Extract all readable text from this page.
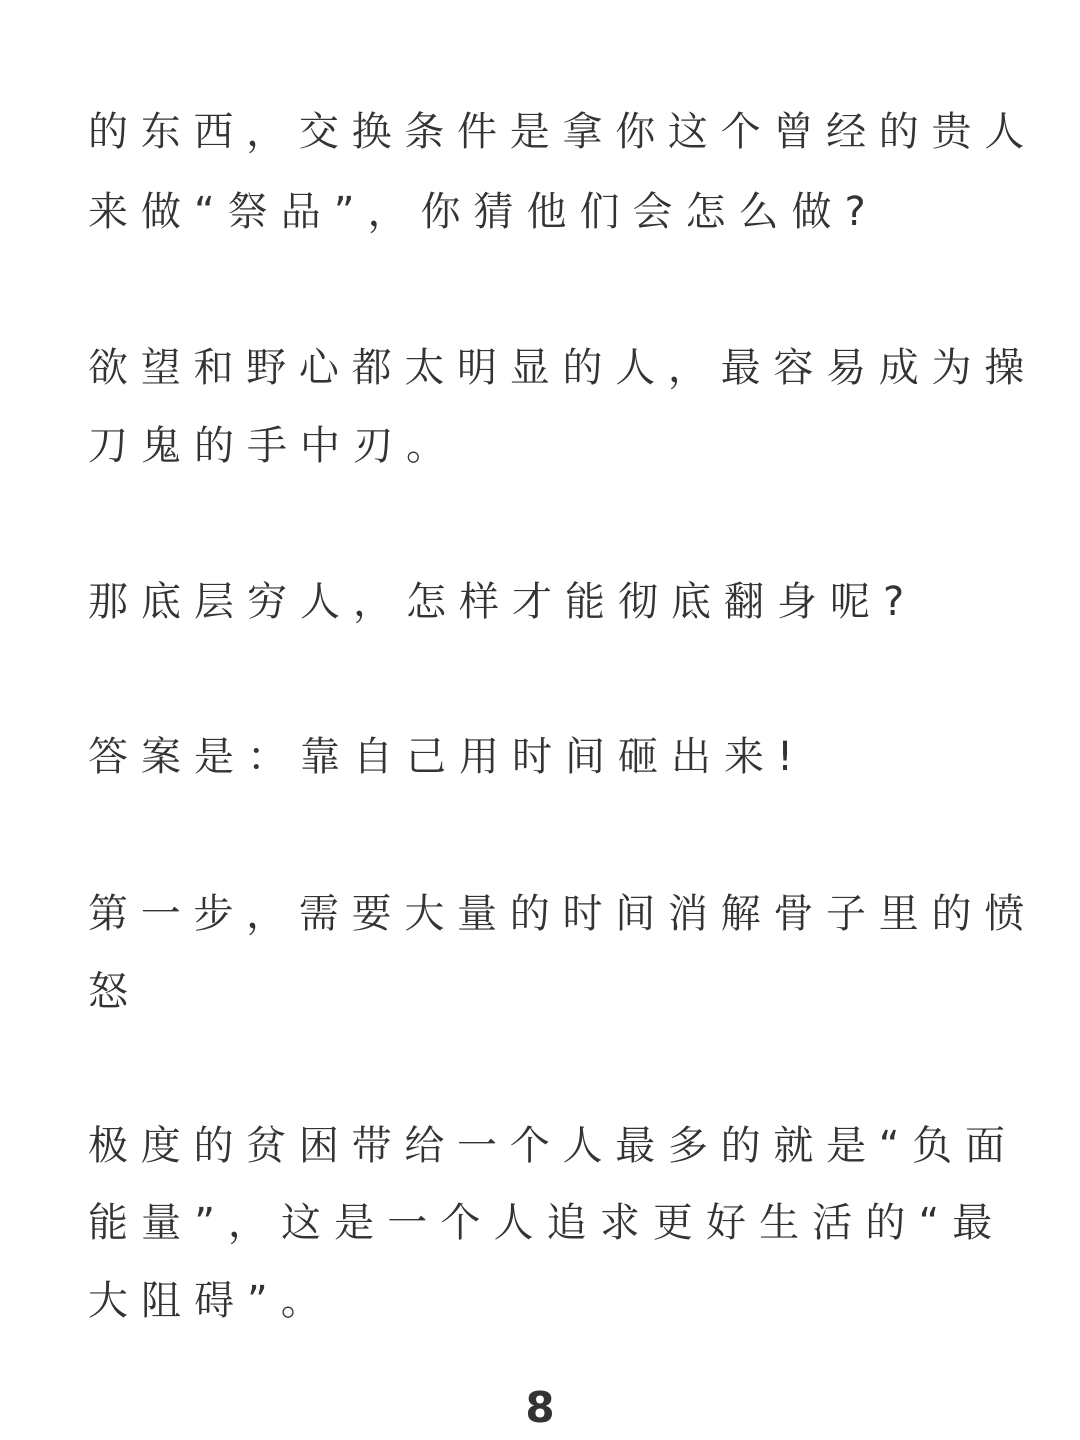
的 东 西 ， 交 换 条 件 是 拿 你 这 个 曾 经 的 贵 人
来做“祭品”，你猜他们会怎么做?
欲 望 和 野 心 都 太 明 显 的 人 ， 最 容 易 成 为 操
刀鬼的手中刃。
那底层穷人，怎样才能彻底翻身呢?
答案是：靠自己用时间砸出来!
第 一 步 ， 需 要 大 量 的 时 间 消 解 骨 子 里 的 愤
怒
极 度 的 贫 困 带 给 一 个 人 最 多 的 就 是 “ 负 面
能 量 ” ， 这 是 一 个 人 追 求 更 好 生 活 的 “ 最
大阻碍”。
8
